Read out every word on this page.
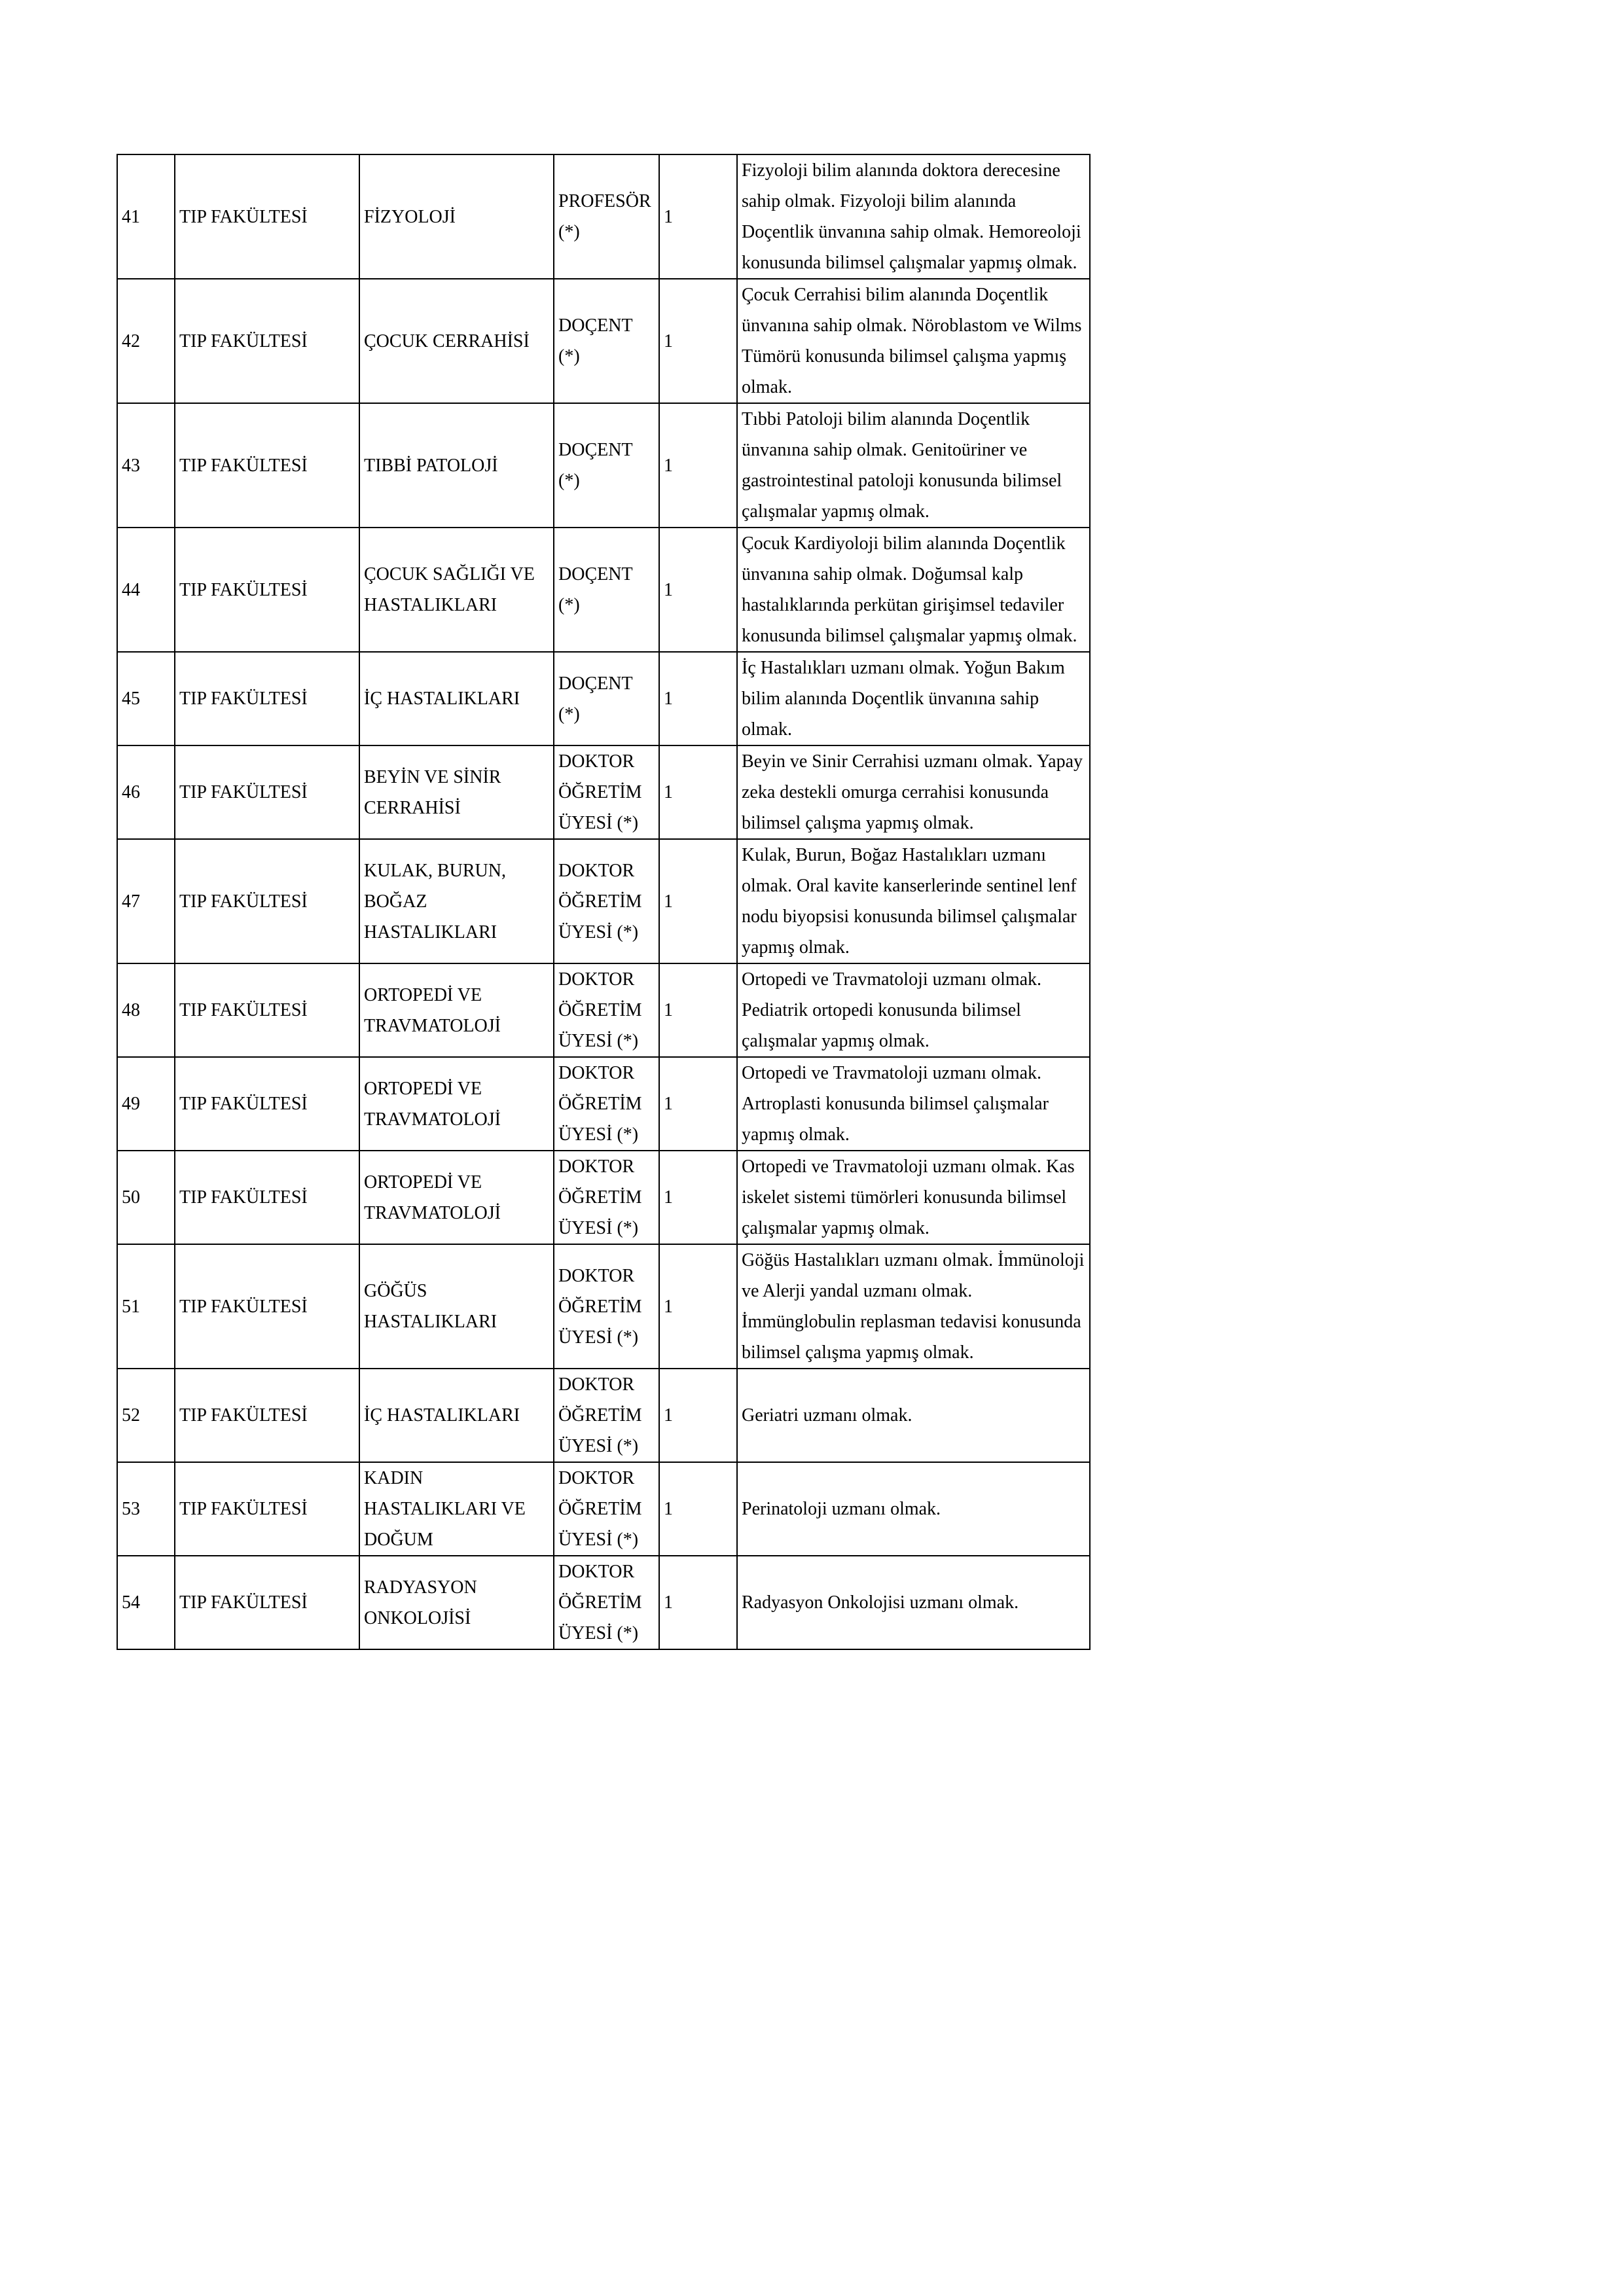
41	TIP FAKÜLTESİ	FİZYOLOJİ	PROFESÖR (*)	1	Fizyoloji bilim alanında doktora derecesine sahip olmak. Fizyoloji bilim alanında Doçentlik ünvanına sahip olmak. Hemoreoloji konusunda bilimsel çalışmalar yapmış olmak.
42	TIP FAKÜLTESİ	ÇOCUK CERRAHİSİ	DOÇENT (*)	1	Çocuk Cerrahisi bilim alanında Doçentlik ünvanına sahip olmak. Nöroblastom ve Wilms Tümörü konusunda bilimsel çalışma yapmış olmak.
43	TIP FAKÜLTESİ	TIBBİ PATOLOJİ	DOÇENT (*)	1	Tıbbi Patoloji bilim alanında Doçentlik ünvanına sahip olmak. Genitoüriner ve gastrointestinal patoloji konusunda bilimsel çalışmalar yapmış olmak.
44	TIP FAKÜLTESİ	ÇOCUK SAĞLIĞI VE HASTALIKLARI	DOÇENT (*)	1	Çocuk Kardiyoloji bilim alanında Doçentlik ünvanına sahip olmak. Doğumsal kalp hastalıklarında perkütan girişimsel tedaviler konusunda bilimsel çalışmalar yapmış olmak.
45	TIP FAKÜLTESİ	İÇ HASTALIKLARI	DOÇENT (*)	1	İç Hastalıkları uzmanı olmak. Yoğun Bakım bilim alanında Doçentlik ünvanına sahip olmak.
46	TIP FAKÜLTESİ	BEYİN VE SİNİR CERRAHİSİ	DOKTOR ÖĞRETİM ÜYESİ (*)	1	Beyin ve Sinir Cerrahisi uzmanı olmak. Yapay zeka destekli omurga cerrahisi konusunda bilimsel çalışma yapmış olmak.
47	TIP FAKÜLTESİ	KULAK, BURUN, BOĞAZ HASTALIKLARI	DOKTOR ÖĞRETİM ÜYESİ (*)	1	Kulak, Burun, Boğaz Hastalıkları uzmanı olmak. Oral kavite kanserlerinde sentinel lenf nodu biyopsisi konusunda bilimsel çalışmalar yapmış olmak.
48	TIP FAKÜLTESİ	ORTOPEDİ VE TRAVMATOLOJİ	DOKTOR ÖĞRETİM ÜYESİ (*)	1	Ortopedi ve Travmatoloji uzmanı olmak. Pediatrik ortopedi konusunda bilimsel çalışmalar yapmış olmak.
49	TIP FAKÜLTESİ	ORTOPEDİ VE TRAVMATOLOJİ	DOKTOR ÖĞRETİM ÜYESİ (*)	1	Ortopedi ve Travmatoloji uzmanı olmak. Artroplasti konusunda bilimsel çalışmalar yapmış olmak.
50	TIP FAKÜLTESİ	ORTOPEDİ VE TRAVMATOLOJİ	DOKTOR ÖĞRETİM ÜYESİ (*)	1	Ortopedi ve Travmatoloji uzmanı olmak. Kas iskelet sistemi tümörleri konusunda bilimsel çalışmalar yapmış olmak.
51	TIP FAKÜLTESİ	GÖĞÜS HASTALIKLARI	DOKTOR ÖĞRETİM ÜYESİ (*)	1	Göğüs Hastalıkları uzmanı olmak. İmmünoloji ve Alerji yandal uzmanı olmak. İmmünglobulin replasman tedavisi konusunda bilimsel çalışma yapmış olmak.
52	TIP FAKÜLTESİ	İÇ HASTALIKLARI	DOKTOR ÖĞRETİM ÜYESİ (*)	1	Geriatri uzmanı olmak.
53	TIP FAKÜLTESİ	KADIN HASTALIKLARI VE DOĞUM	DOKTOR ÖĞRETİM ÜYESİ (*)	1	Perinatoloji uzmanı olmak.
54	TIP FAKÜLTESİ	RADYASYON ONKOLOJİSİ	DOKTOR ÖĞRETİM ÜYESİ (*)	1	Radyasyon Onkolojisi uzmanı olmak.
